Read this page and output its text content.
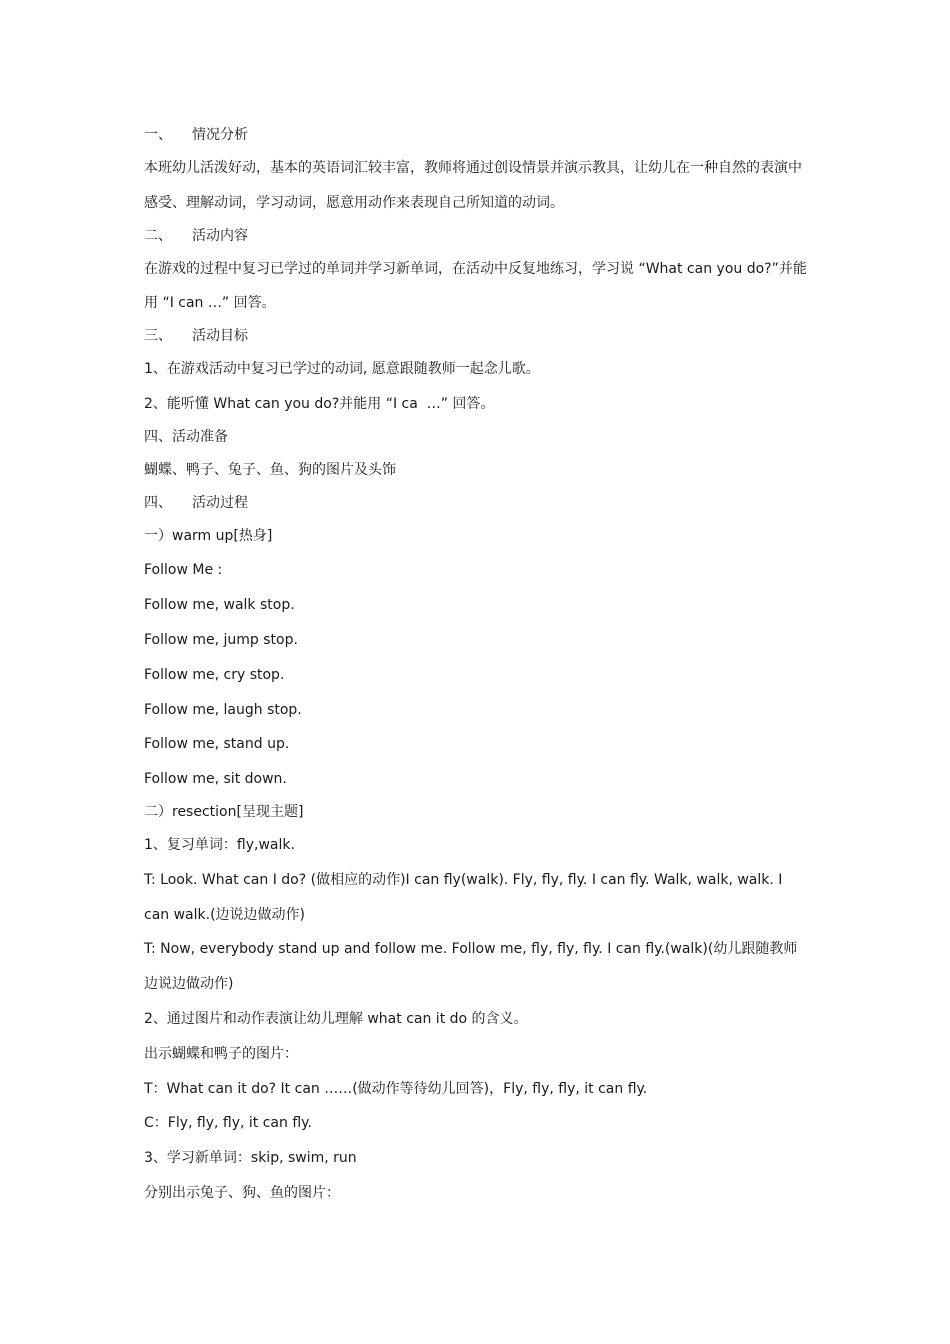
一、 情况分析
本班幼儿活泼好动，基本的英语词汇较丰富，教师将通过创设情景并演示教具，让幼儿在一种自然的表演中感受、理解动词，学习动词，愿意用动作来表现自己所知道的动词。
二、 活动内容
在游戏的过程中复习已学过的单词并学习新单词，在活动中反复地练习，学习说 “What can you do?”并能用 “I can …” 回答。
三、 活动目标
1、在游戏活动中复习已学过的动词, 愿意跟随教师一起念儿歌。
2、能听懂 What can you do?并能用 “I ca  …” 回答。
四、活动准备
蝴蝶、鸭子、兔子、鱼、狗的图片及头饰
四、 活动过程
一）warm up[热身]
Follow Me :
Follow me, walk stop.
Follow me, jump stop.
Follow me, cry stop.
Follow me, laugh stop.
Follow me, stand up.
Follow me, sit down.
二）resection[呈现主题]
1、复习单词：fly,walk.
T: Look. What can I do? (做相应的动作)I can fly(walk). Fly, fly, fly. I can fly. Walk, walk, walk. I can walk.(边说边做动作)
T: Now, everybody stand up and follow me. Follow me, fly, fly, fly. I can fly.(walk)(幼儿跟随教师边说边做动作)
2、通过图片和动作表演让幼儿理解 what can it do 的含义。
出示蝴蝶和鸭子的图片：
T：What can it do? It can ……(做动作等待幼儿回答)，Fly, fly, fly, it can fly.
C：Fly, fly, fly, it can fly.
3、学习新单词：skip, swim, run
分别出示兔子、狗、鱼的图片：
